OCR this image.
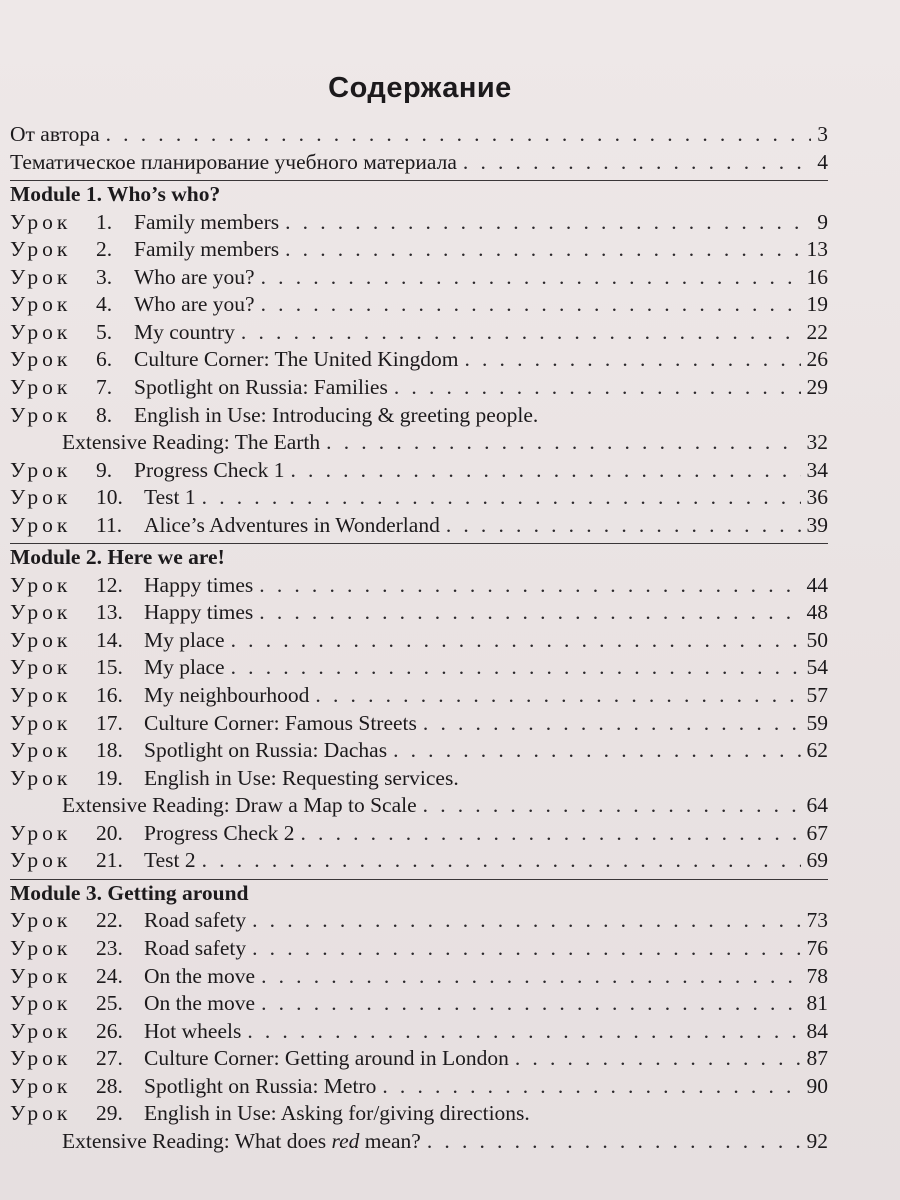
Содержание
От автора . . .	3
Тематическое планирование учебного материала . . .	4
Module 1. Who’s who?
Урок	1.	Family members . . .	9
Урок	2.	Family members . . .	13
Урок	3.	Who are you? . . .	16
Урок	4.	Who are you? . . .	19
Урок	5.	My country . . .	22
Урок	6.	Culture Corner: The United Kingdom . . .	26
Урок	7.	Spotlight on Russia: Families . . .	29
Урок	8.	English in Use: Introducing & greeting people.
Extensive Reading: The Earth . . .	32
Урок	9.	Progress Check 1 . . .	34
Урок	10. Test 1 . . .	36
Урок	11.	Alice’s Adventures in Wonderland . . .	39
Module 2. Here we are!
Урок	12. Happy times . . .	44
Урок	13. Happy times . . .	48
Урок	14. My place . . .	50
Урок	15. My place . . .	54
Урок	16. My neighbourhood . . .	57
Урок	17. Culture Corner: Famous Streets . . .	59
Урок	18. Spotlight on Russia: Dachas . . .	62
Урок	19. English in Use: Requesting services.
Extensive Reading: Draw a Map to Scale . . .	64
Урок	20. Progress Check 2 . . .	67
Урок	21. Test 2 . . .	69
Module 3. Getting around
Урок	22. Road safety . . .	73
Урок	23. Road safety . . .	76
Урок	24. On the move . . .	78
Урок	25. On the move . . .	81
Урок	26. Hot wheels . . .	84
Урок	27. Culture Corner: Getting around in London . . .	87
Урок	28. Spotlight on Russia: Metro . . .	90
Урок	29. English in Use: Asking for/giving directions.
Extensive Reading: What does red mean? . . .	92
